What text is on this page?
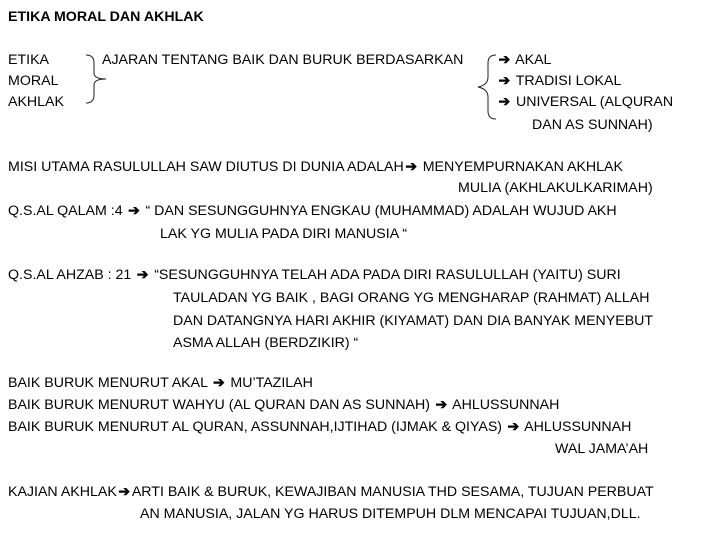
ETIKA MORAL DAN AKHLAK
ETIKA
MORAL
AKHLAK
AJARAN TENTANG BAIK DAN BURUK BERDASARKAN ➔ AKAL
➔ TRADISI LOKAL
➔ UNIVERSAL (ALQURAN
DAN AS SUNNAH)
MISI UTAMA RASULULLAH SAW DIUTUS DI DUNIA ADALAH ➔ MENYEMPURNAKAN AKHLAK
MULIA (AKHLAKULKARIMAH)
Q.S.AL QALAM :4 ➔ “ DAN SESUNGGUHNYA ENGKAU (MUHAMMAD) ADALAH WUJUD AKH
LAK YG MULIA PADA DIRI MANUSIA “
Q.S.AL AHZAB : 21 ➔ “SESUNGGUHNYA TELAH ADA PADA DIRI RASULULLAH (YAITU) SURI
TAULADAN YG BAIK , BAGI ORANG YG MENGHARAP (RAHMAT) ALLAH
DAN DATANGNYA HARI AKHIR (KIYAMAT) DAN DIA BANYAK MENYEBUT
ASMA ALLAH (BERDZIKIR) “
BAIK BURUK MENURUT AKAL ➔ MU’TAZILAH
BAIK BURUK MENURUT WAHYU (AL QURAN DAN AS SUNNAH) ➔ AHLUSSUNNAH
BAIK BURUK MENURUT AL QURAN, ASSUNNAH,IJTIHAD (IJMAK & QIYAS) ➔ AHLUSSUNNAH
WAL JAMA’AH
KAJIAN AKHLAK ➔ ARTI BAIK & BURUK, KEWAJIBAN MANUSIA THD SESAMA, TUJUAN PERBUAT
AN MANUSIA, JALAN YG HARUS DITEMPUH DLM MENCAPAI TUJUAN,DLL.
